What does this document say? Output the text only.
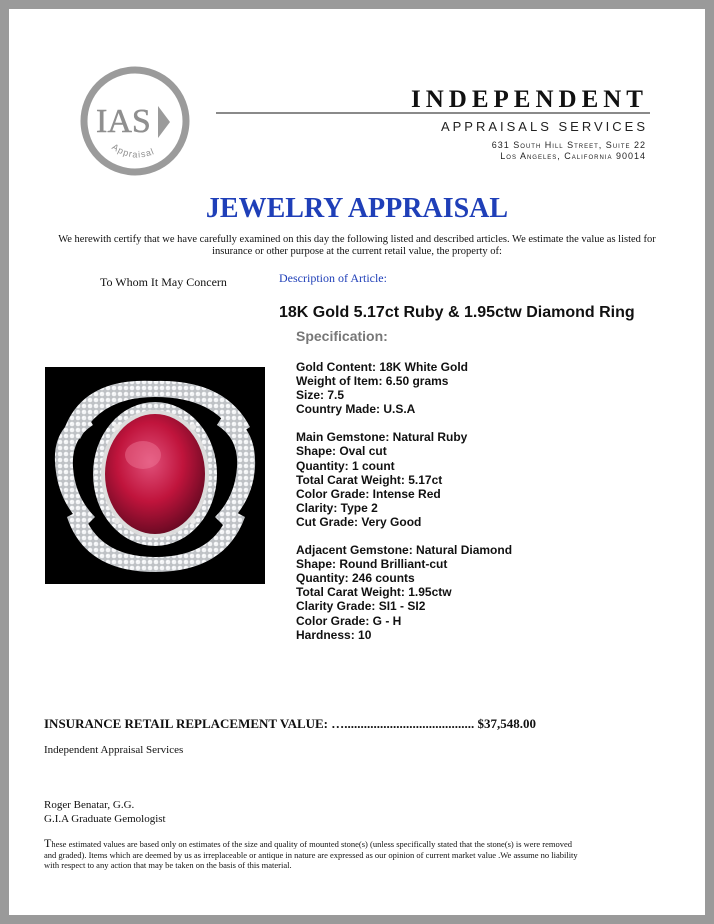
IAS
Appraisal
INDEPENDENT
APPRAISALS SERVICES
631 South Hill Street, Suite 22
Los Angeles, California 90014
JEWELRY APPRAISAL
We herewith certify that we have carefully examined on this day the following listed and described articles. We estimate the value as listed for insurance or other purpose at the current retail value, the property of:
To Whom It May Concern	Description of Article:
18K Gold 5.17ct Ruby & 1.95ctw Diamond Ring
Specification:
Gold Content: 18K White Gold
Weight of Item: 6.50 grams
Size: 7.5
Country Made: U.S.A
Main Gemstone: Natural Ruby
Shape: Oval cut
Quantity: 1 count
Total Carat Weight: 5.17ct
Color Grade: Intense Red
Clarity: Type 2
Cut Grade: Very Good
Adjacent Gemstone: Natural Diamond
Shape: Round Brilliant-cut
Quantity: 246 counts
Total Carat Weight: 1.95ctw
Clarity Grade: SI1 - SI2
Color Grade: G - H
Hardness: 10
INSURANCE RETAIL REPLACEMENT VALUE: …........................................ $37,548.00
Independent Appraisal Services
Roger Benatar, G.G.
G.I.A Graduate Gemologist
These estimated values are based only on estimates of the size and quality of mounted stone(s) (unless specifically stated that the stone(s) is were removed and graded). Items which are deemed by us as irreplaceable or antique in nature are expressed as our opinion of current market value .We assume no liability with respect to any action that may be taken on the basis of this material.
